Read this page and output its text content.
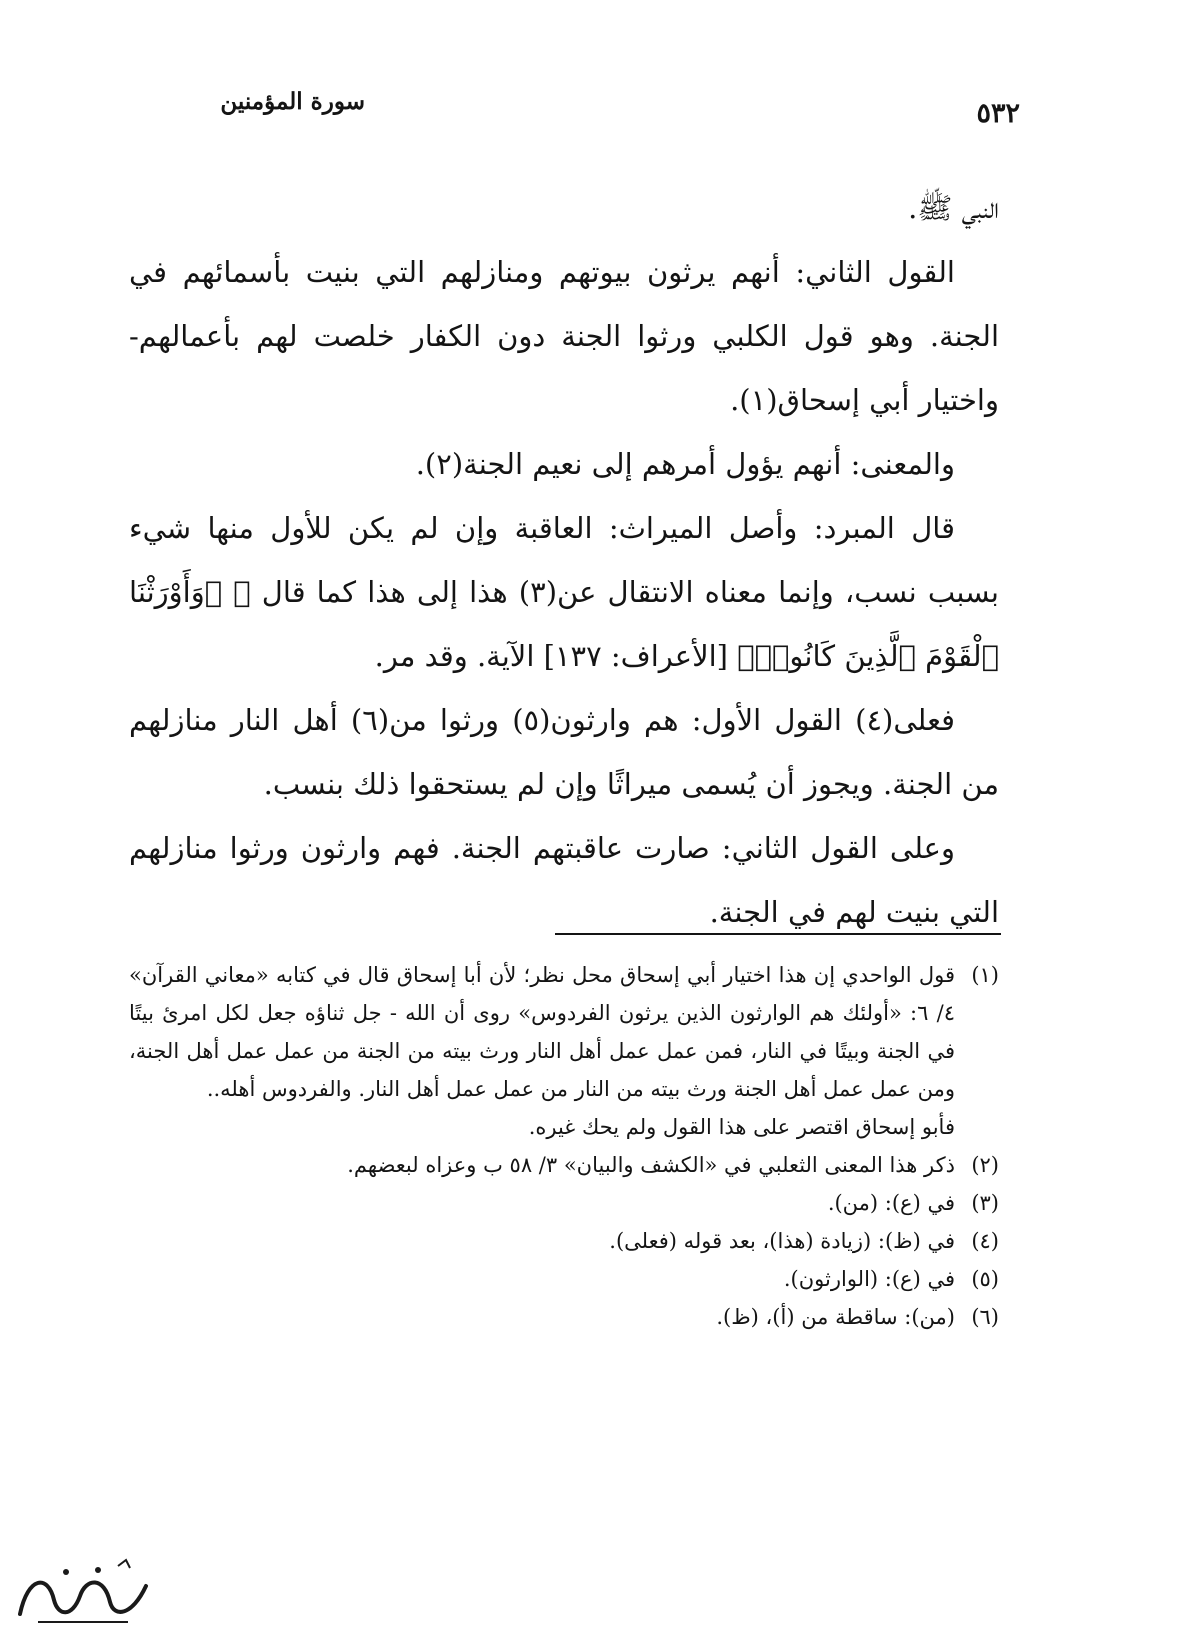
سورة المؤمنين	٥٣٢

النبي ﷺ.

القول الثاني: أنهم يرثون بيوتهم ومنازلهم التي بنيت بأسمائهم في الجنة. وهو قول الكلبي ورثوا الجنة دون الكفار خلصت لهم بأعمالهم- واختيار أبي إسحاق(١).

والمعنى: أنهم يؤول أمرهم إلى نعيم الجنة(٢).

قال المبرد: وأصل الميراث: العاقبة وإن لم يكن للأول منها شيء بسبب نسب، وإنما معناه الانتقال عن(٣) هذا إلى هذا كما قال ﷻ ﴿وَأَوْرَثْنَا ٱلْقَوْمَ ٱلَّذِينَ كَانُوا۟﴾ [الأعراف: ١٣٧] الآية. وقد مر.

فعلى(٤) القول الأول: هم وارثون(٥) ورثوا من(٦) أهل النار منازلهم من الجنة. ويجوز أن يُسمى ميراثًا وإن لم يستحقوا ذلك بنسب.

وعلى القول الثاني: صارت عاقبتهم الجنة. فهم وارثون ورثوا منازلهم التي بنيت لهم في الجنة.

(١)

قول الواحدي إن هذا اختيار أبي إسحاق محل نظر؛ لأن أبا إسحاق قال في كتابه «معاني القرآن» ٤/ ٦: «أولئك هم الوارثون الذين يرثون الفردوس» روى أن الله - جل ثناؤه جعل لكل امرئ بيتًا في الجنة وبيتًا في النار، فمن عمل عمل أهل النار ورث بيته من الجنة من عمل عمل أهل الجنة، ومن عمل عمل أهل الجنة ورث بيته من النار من عمل عمل أهل النار. والفردوس أهله..

فأبو إسحاق اقتصر على هذا القول ولم يحك غيره.

(٢)

ذكر هذا المعنى الثعلبي في «الكشف والبيان» ٣/ ٥٨ ب وعزاه لبعضهم.

(٣)

في (ع): (من).

(٤)

في (ظ): (زيادة (هذا)، بعد قوله (فعلى).

(٥)

في (ع): (الوارثون).

(٦)

(من): ساقطة من (أ)، (ظ).
